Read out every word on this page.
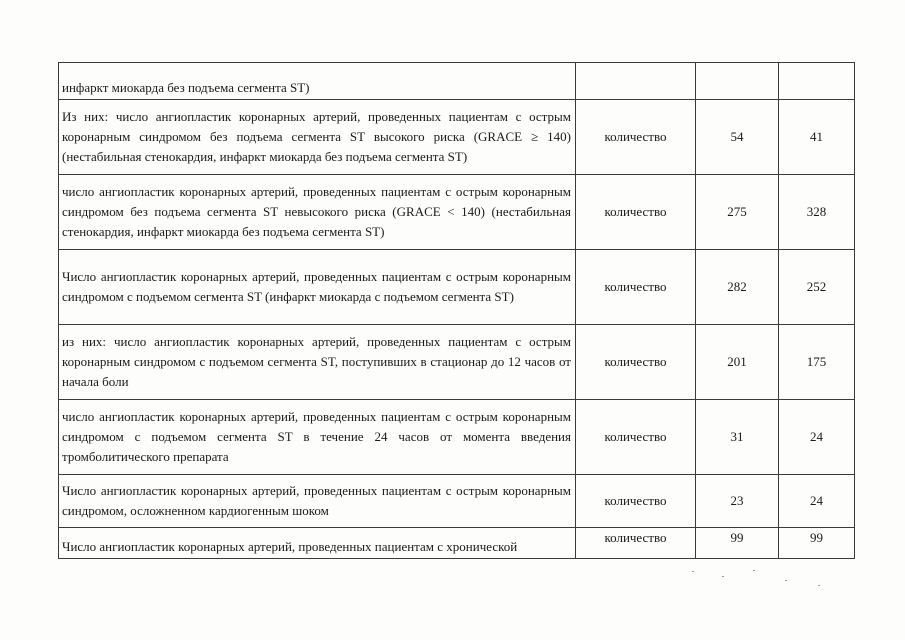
инфаркт миокарда без подъема сегмента ST)			
Из них: число ангиопластик коронарных артерий, проведенных пациентам с острым коронарным синдромом без подъема сегмента ST высокого риска (GRACE ≥ 140) (нестабильная стенокардия, инфаркт миокарда без подъема сегмента ST)	количество	54	41
число ангиопластик коронарных артерий, проведенных пациентам с острым коронарным синдромом без подъема сегмента ST невысокого риска (GRACE < 140) (нестабильная стенокардия, инфаркт миокарда без подъема сегмента ST)	количество	275	328
Число ангиопластик коронарных артерий, проведенных пациентам с острым коронарным синдромом с подъемом сегмента ST (инфаркт миокарда с подъемом сегмента ST)	количество	282	252
из них: число ангиопластик коронарных артерий, проведенных пациентам с острым коронарным синдромом с подъемом сегмента ST, поступивших в стационар до 12 часов от начала боли	количество	201	175
число ангиопластик коронарных артерий, проведенных пациентам с острым коронарным синдромом с подъемом сегмента ST в течение 24 часов от момента введения тромболитического препарата	количество	31	24
Число ангиопластик коронарных артерий, проведенных пациентам с острым коронарным синдромом, осложненном кардиогенным шоком	количество	23	24
Число ангиопластик коронарных артерий, проведенных пациентам с хронической	количество	99	99
